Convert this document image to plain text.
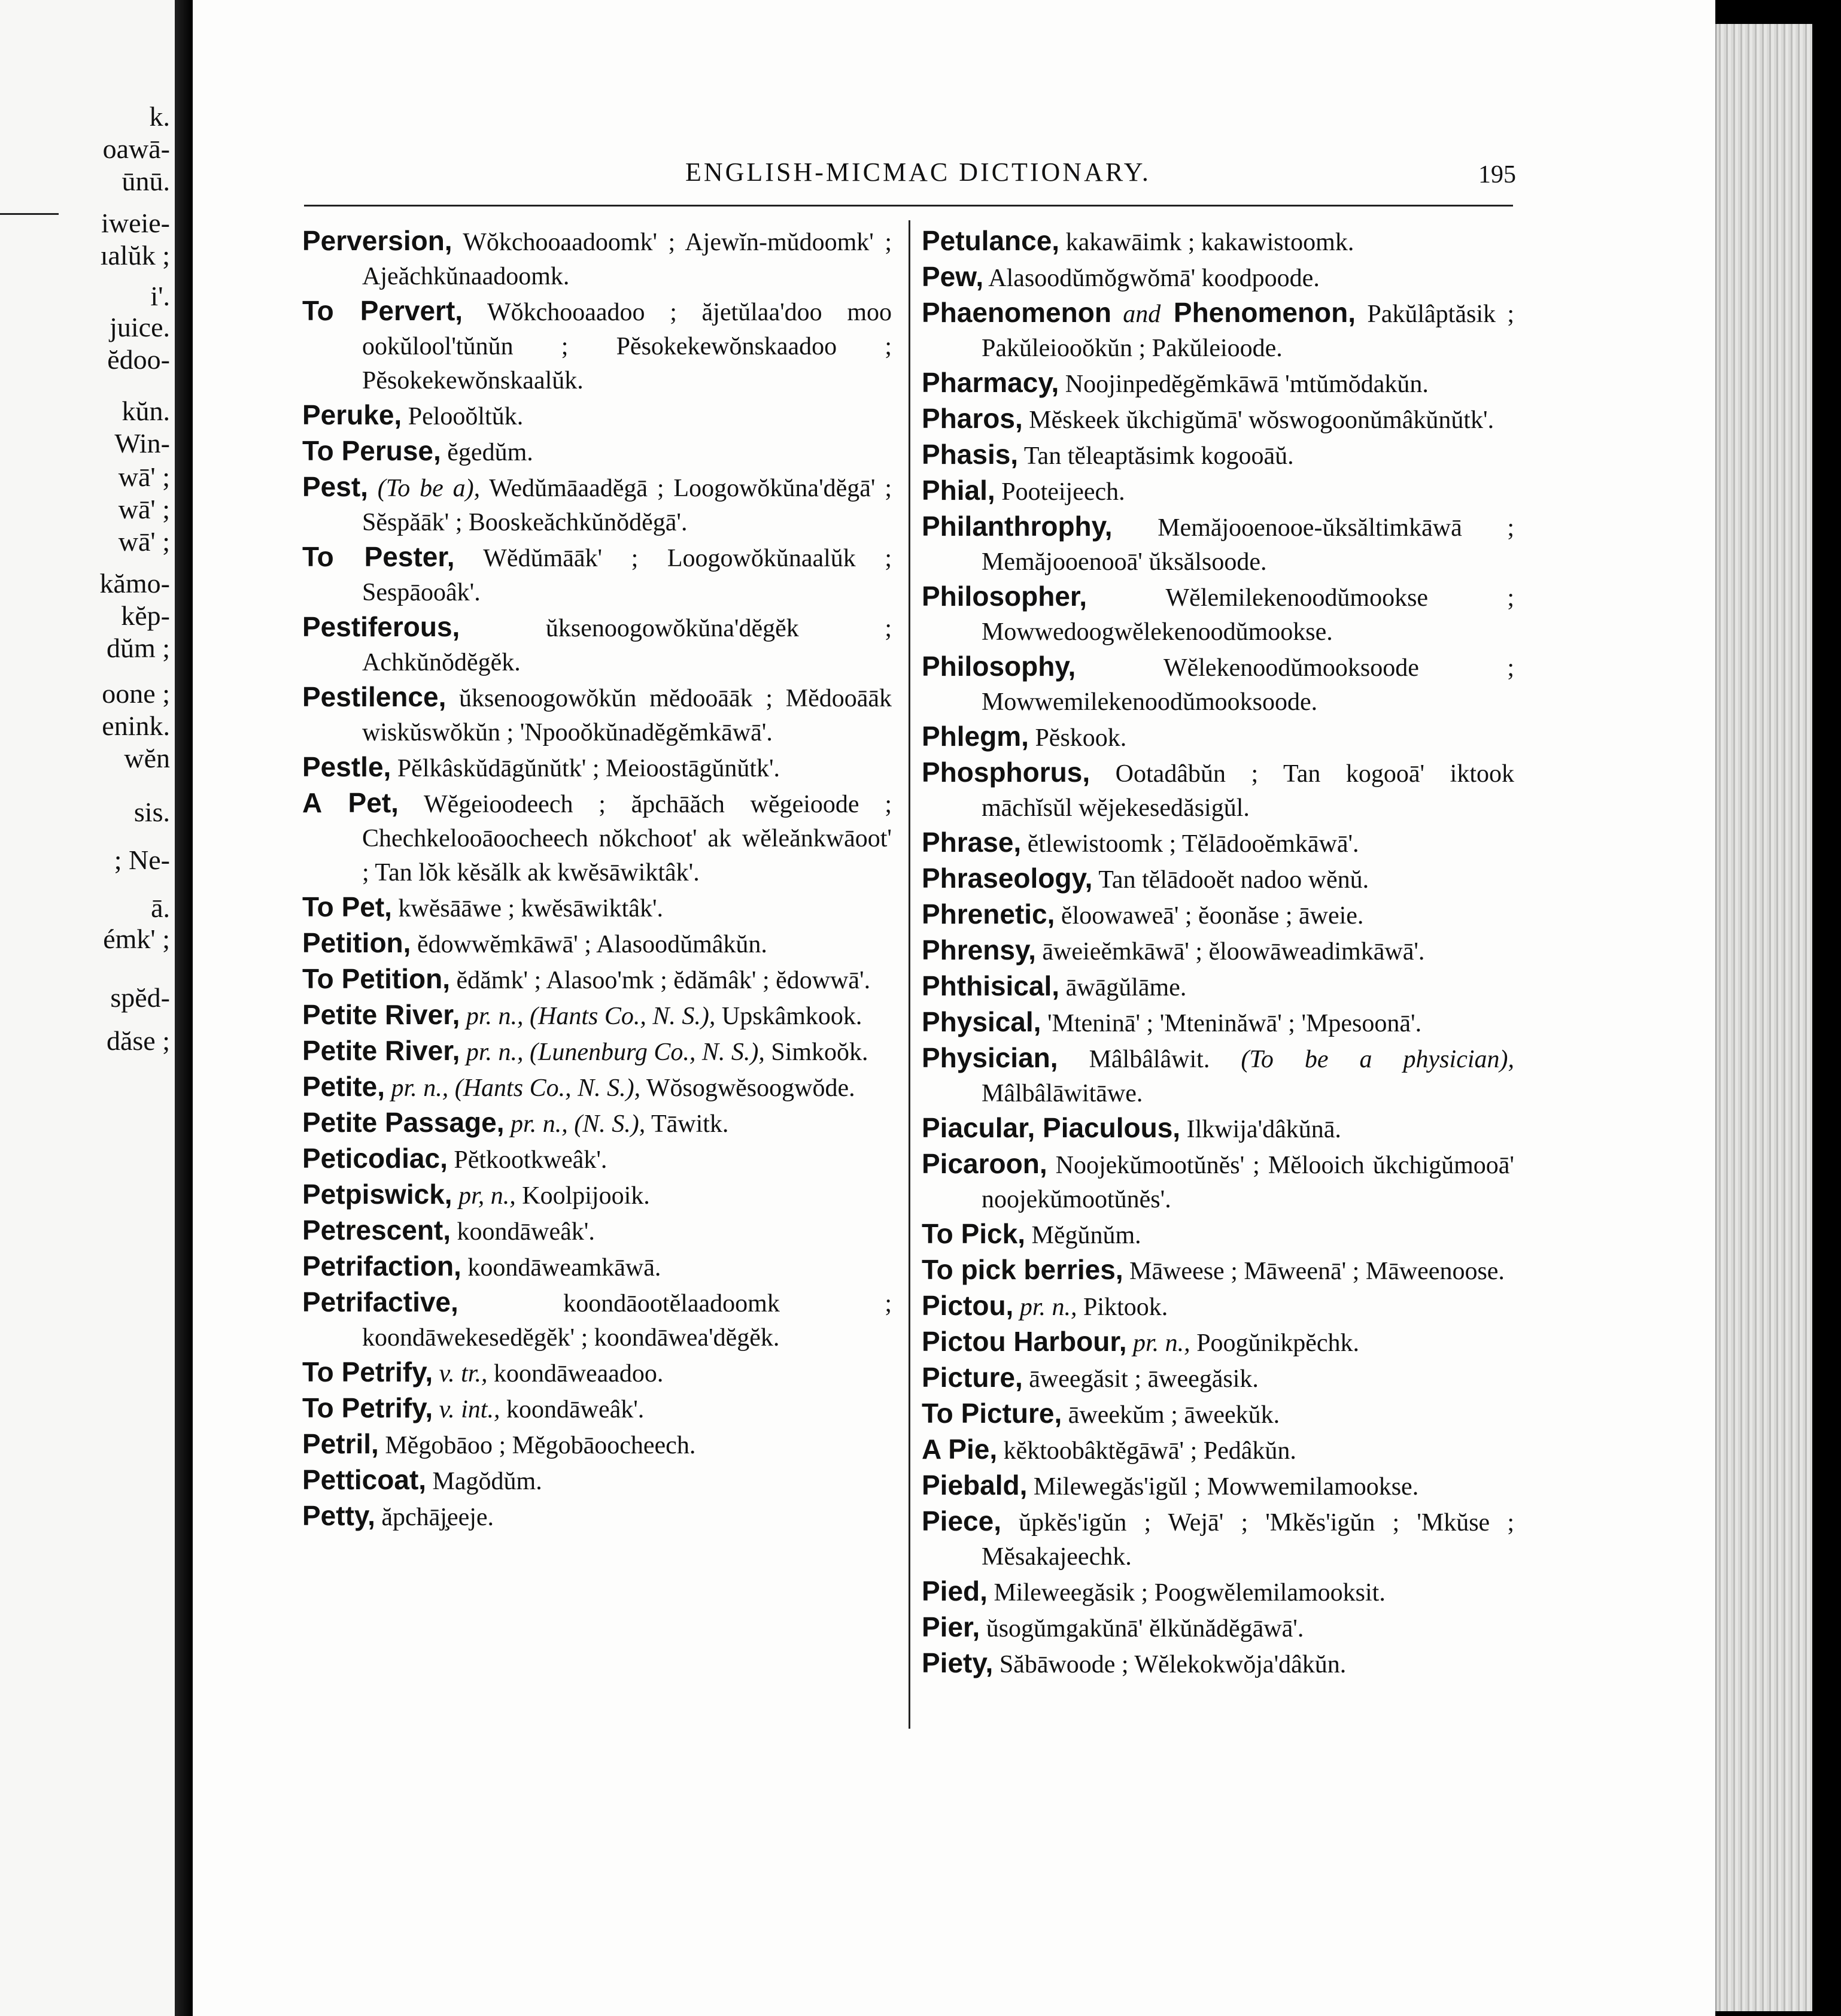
k.
oawā-
ūnū.
iweie-
ıalŭk ;
i'.
juice.
ĕdoo-
kŭn.
Win-
wā' ;
wā' ;
wā' ;
kămo-
kĕp-
dŭm ;
oone ;
enink.
wĕn
sis.
; Ne-
ā.
émk' ;
spĕd-
dăse ;
ENGLISH-MICMAC DICTIONARY.	195

Perversion, Wŏkchooaadoomk' ; Ajewĭn-mŭdoomk' ; Ajeăchkŭnaadoomk.

To Pervert, Wŏkchooaadoo ; ăjetŭlaa'doo moo ookŭlool'tŭnŭn ; Pĕsokekewŏnskaadoo ; Pĕsokekewŏnskaalŭk.

Peruke, Pelooŏltŭk.

To Peruse, ĕgedŭm.

Pest, (To be a), Wedŭmāaadĕgā ; Loogowŏkŭna'dĕgā' ; Sĕspăāk' ; Booskeăchkŭnŏdĕgā'.

To Pester, Wĕdŭmāāk' ; Loogowŏkŭnaalŭk ; Sespāooâk'.

Pestiferous, ŭksenoogowŏkŭna'dĕgĕk ; Achkŭnŏdĕgĕk.

Pestilence, ŭksenoogowŏkŭn mĕdooāāk ; Mĕdooāāk wiskŭswŏkŭn ; 'Npooŏkŭnadĕgĕmkāwā'.

Pestle, Pĕlkâskŭdāgŭnŭtk' ; Meioostāgŭnŭtk'.

A Pet, Wĕgeioodeech ; ăpchāăch wĕgeioode ; Chechkelooāoocheech nŏkchoot' ak wĕleănkwāoot' ; Tan lŏk kĕsălk ak kwĕsāwiktâk'.

To Pet, kwĕsāāwe ; kwĕsāwiktâk'.

Petition, ĕdowwĕmkāwā' ; Alasoodŭmâkŭn.

To Petition, ĕdămk' ; Alasoo'mk ; ĕdămâk' ; ĕdowwā'.

Petite River, pr. n., (Hants Co., N. S.), Upskâmkook.

Petite River, pr. n., (Lunenburg Co., N. S.), Simkoŏk.

Petite, pr. n., (Hants Co., N. S.), Wŏsogwĕsoogwŏde.

Petite Passage, pr. n., (N. S.), Tāwitk.

Peticodiac, Pĕtkootkweâk'.

Petpiswick, pr, n., Koolpijooik.

Petrescent, koondāweâk'.

Petrifaction, koondāweamkāwā.

Petrifactive, koondāootĕlaadoomk ; koondāwekesedĕgĕk' ; koondāwea'dĕgĕk.

To Petrify, v. tr., koondāweaadoo.

To Petrify, v. int., koondāweâk'.

Petril, Mĕgobāoo ; Mĕgobāoocheech.

Petticoat, Magŏdŭm.

Petty, ăpchāj̧eeje.

Petulance, kakawāimk ; kakawistoomk.

Pew, Alasoodŭmŏgwŏmā' koodpoode.

Phaenomenon and Phenomenon, Pakŭlâptăsik ; Pakŭleiooŏkŭn ; Pakŭleioode.

Pharmacy, Noojinpedĕgĕmkāwā 'mtŭmŏdakŭn.

Pharos, Mĕskeek ŭkchigŭmā' wŏswogoonŭmâkŭnŭtk'.

Phasis, Tan tĕleaptăsimk kogooāŭ.

Phial, Pooteijeech.

Philanthrophy, Memăjooenooe-ŭksăltimkāwā ; Memăjooenooā' ŭksălsoode.

Philosopher, Wĕlemilekenoodŭmookse ; Mowwedoogwĕlekenoodŭmookse.

Philosophy, Wĕlekenoodŭmooksoode ; Mowwemilekenoodŭmooksoode.

Phlegm, Pĕskook.

Phosphorus, Ootadâbŭn ; Tan kogooā' iktook māchĭsŭl wĕjekesedăsigŭl.

Phrase, ĕtlewistoomk ; Tĕlādooĕmkāwā'.

Phraseology, Tan tĕlādooĕt nadoo wĕnŭ.

Phrenetic, ĕloowaweā' ; ĕoonăse ; āweie.

Phrensy, āweieĕmkāwā' ; ĕloowāweadimkāwā'.

Phthisical, āwāgŭlāme.

Physical, 'Mteninā' ; 'Mteninăwā' ; 'Mpesoonā'.

Physician, Mâlbâlâwit. (To be a physician), Mâlbâlāwitāwe.

Piacular, Piaculous, Ilkwija'dâkŭnā.

Picaroon, Noojekŭmootŭnĕs' ; Mĕlooich ŭkchigŭmooā' noojekŭmootŭnĕs'.

To Pick, Mĕgŭnŭm.

To pick berries, Māweese ; Māweenā' ; Māweenoose.

Pictou, pr. n., Piktook.

Pictou Harbour, pr. n., Poogŭnikpĕchk.

Picture, āweegăsit ; āweegăsik.

To Picture, āweekŭm ; āweekŭk.

A Pie, kĕktoobâktĕgāwā' ; Pedâkŭn.

Piebald, Milewegăs'igŭl ; Mowwemilamookse.

Piece, ŭpkĕs'igŭn ; Wejā' ; 'Mkĕs'igŭn ; 'Mkŭse ; Mĕsakajeechk.

Pied, Mileweegăsik ; Poogwĕlemilamooksit.

Pier, ŭsogŭmgakŭnā' ĕlkŭnădĕgāwā'.

Piety, Săbāwoode ; Wĕlekokwŏja'dâkŭn.
